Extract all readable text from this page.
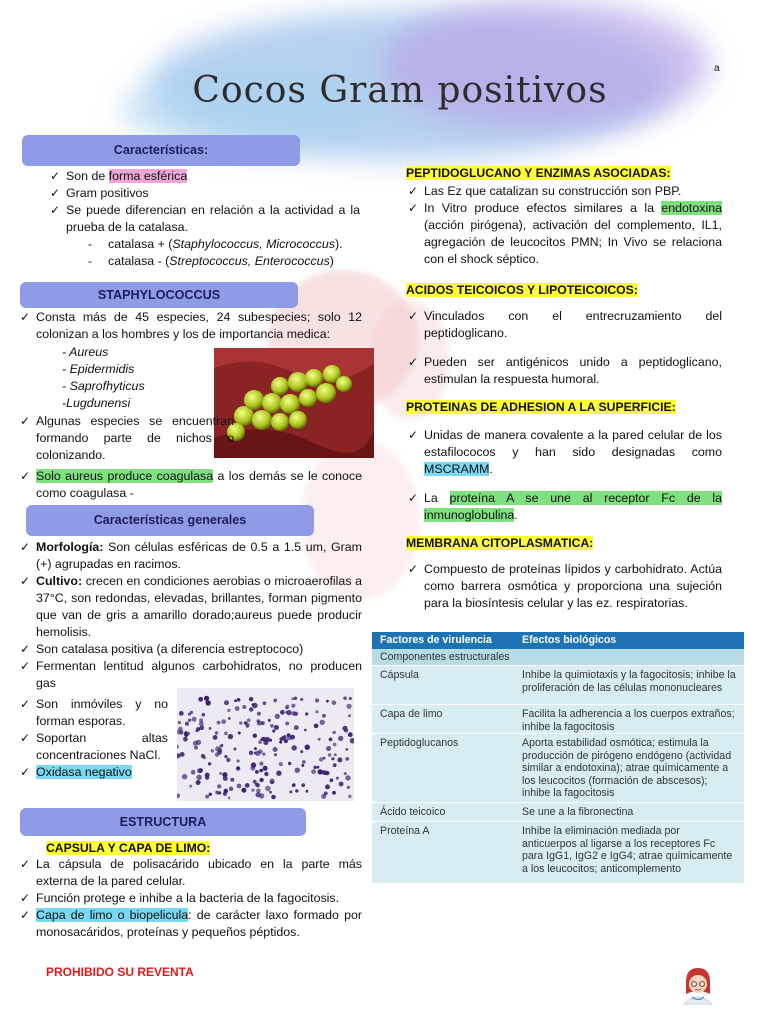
Cocos Gram positivos
a
Características:
✓ Son de forma esférica
✓ Gram positivos
✓ Se puede diferencian en relación a la actividad a la prueba de la catalasa.
- catalasa + (Staphylococcus, Micrococcus).
- catalasa - (Streptococcus, Enterococcus)
STAPHYLOCOCCUS
✓ Consta más de 45 especies, 24 subespecies; solo 12 colonizan a los hombres y los de importancia medica:
- Aureus
- Epidermidis
- Saprofhyticus
-Lugdunensi
✓ Algunas especies se encuentran formando parte de nichos o colonizando.
✓ Solo aureus produce coagulasa a los demás se le conoce como coagulasa -
Características generales
✓ Morfología: Son células esféricas de 0.5 a 1.5 um, Gram (+) agrupadas en racimos.
✓ Cultivo: crecen en condiciones aerobias o microaerofilas a 37°C, son redondas, elevadas, brillantes, forman pigmento que van de gris a amarillo dorado;aureus puede producir hemolisis.
✓ Son catalasa positiva (a diferencia estreptococo)
✓ Fermentan lentitud algunos carbohidratos, no producen gas
✓ Son inmóviles y no forman esporas.
✓ Soportan altas concentraciones NaCl.
✓ Oxidasa negativo
ESTRUCTURA
CAPSULA Y CAPA DE LIMO:
✓ La cápsula de polisacárido ubicado en la parte más externa de la pared celular.
✓ Función protege e inhibe a la bacteria de la fagocitosis.
✓ Capa de limo o biopelicula: de carácter laxo formado por monosacáridos, proteínas y pequeños péptidos.
PROHIBIDO SU REVENTA
PEPTIDOGLUCANO Y ENZIMAS ASOCIADAS:
✓ Las Ez que catalizan su construcción son PBP.
✓ In Vitro produce efectos similares a la endotoxina (acción pirógena), activación del complemento, IL1, agregación de leucocitos PMN; In Vivo se relaciona con el shock séptico.
ACIDOS TEICOICOS Y LIPOTEICOICOS:
✓ Vinculados con el entrecruzamiento del peptidoglicano.
✓ Pueden ser antigénicos unido a peptidoglicano, estimulan la respuesta humoral.
PROTEINAS DE ADHESION A LA SUPERFICIE:
✓ Unidas de manera covalente a la pared celular de los estafilococos y han sido designadas como MSCRAMM.
✓ La proteína A se une al receptor Fc de la inmunoglobulina.
MEMBRANA CITOPLASMATICA:
✓ Compuesto de proteínas lípidos y carbohidrato. Actúa como barrera osmótica y proporciona una sujeción para la biosíntesis celular y las ez. respiratorias.
Factores de virulencia	Efectos biológicos
Componentes estructurales
Cápsula	Inhibe la quimiotaxis y la fagocitosis; inhibe la proliferación de las células mononucleares
Capa de limo	Facilita la adherencia a los cuerpos extraños; inhibe la fagocitosis
Peptidoglucanos	Aporta estabilidad osmótica; estimula la producción de pirógeno endógeno (actividad similar a endotoxina); atrae químicamente a los leucocitos (formación de abscesos); inhibe la fagocitosis
Ácido teicoico	Se une a la fibronectina
Proteína A	Inhibe la eliminación mediada por anticuerpos al ligarse a los receptores Fc para IgG1, IgG2 e IgG4; atrae químicamente a los leucocitos; anticomplemento
